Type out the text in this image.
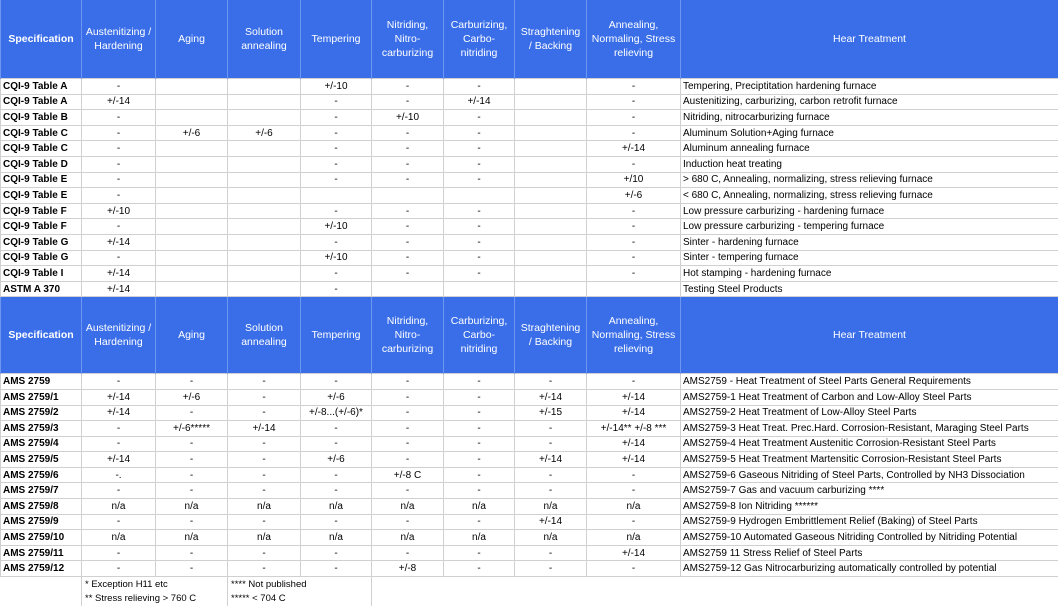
Specification	Austenitizing / Hardening	Aging	Solution annealing	Tempering	Nitriding, Nitro-carburizing	Carburizing, Carbo-nitriding	Straghtening / Backing	Annealing, Normaling, Stress relieving	Hear Treatment
CQI-9 Table A	-			+/-10	-	-		-	Tempering, Preciptitation hardening furnace
CQI-9 Table A	+/-14			-	-	+/-14		-	Austenitizing, carburizing, carbon retrofit furnace
CQI-9 Table B	-			-	+/-10	-		-	Nitriding, nitrocarburizing furnace
CQI-9 Table C	-	+/-6	+/-6	-	-	-		-	Aluminum Solution+Aging furnace
CQI-9 Table C	-			-	-	-		+/-14	Aluminum annealing furnace
CQI-9 Table D	-			-	-	-		-	Induction heat treating
CQI-9 Table E	-			-	-	-		+/10	> 680 C, Annealing, normalizing, stress relieving furnace
CQI-9 Table E	-							+/-6	< 680 C, Annealing, normalizing, stress relieving furnace
CQI-9 Table F	+/-10			-	-	-		-	Low pressure carburizing - hardening furnace
CQI-9 Table F	-			+/-10	-	-		-	Low pressure carburizing - tempering furnace
CQI-9 Table G	+/-14			-	-	-		-	Sinter - hardening furnace
CQI-9 Table G	-			+/-10	-	-		-	Sinter - tempering furnace
CQI-9 Table I	+/-14			-	-	-		-	Hot stamping - hardening furnace
ASTM A 370	+/-14			-					Testing Steel Products
Specification	Austenitizing / Hardening	Aging	Solution annealing	Tempering	Nitriding, Nitro-carburizing	Carburizing, Carbo-nitriding	Straghtening / Backing	Annealing, Normaling, Stress relieving	Hear Treatment
AMS 2759	-	-	-	-	-	-	-	-	AMS2759 - Heat Treatment of Steel Parts General Requirements
AMS 2759/1	+/-14	+/-6	-	+/-6	-	-	+/-14	+/-14	AMS2759-1 Heat Treatment of Carbon and Low-Alloy Steel Parts
AMS 2759/2	+/-14	-	-	+/-8...(+/-6)*	-	-	+/-15	+/-14	AMS2759-2 Heat Treatment of Low-Alloy Steel Parts
AMS 2759/3	-	+/-6*****	+/-14	-	-	-	-	+/-14** +/-8 ***	AMS2759-3 Heat Treat. Prec.Hard. Corrosion-Resistant, Maraging Steel Parts
AMS 2759/4	-	-	-	-	-	-	-	+/-14	AMS2759-4 Heat Treatment Austenitic Corrosion-Resistant Steel Parts
AMS 2759/5	+/-14	-	-	+/-6	-	-	+/-14	+/-14	AMS2759-5 Heat Treatment Martensitic Corrosion-Resistant Steel Parts
AMS 2759/6	-.	-	-	-	+/-8 C	-	-	-	AMS2759-6 Gaseous Nitriding of Steel Parts, Controlled by NH3 Dissociation
AMS 2759/7	-	-	-	-	-	-	-	-	AMS2759-7 Gas and vacuum carburizing ****
AMS 2759/8	n/a	n/a	n/a	n/a	n/a	n/a	n/a	n/a	AMS2759-8 Ion Nitriding ******
AMS 2759/9	-	-	-	-	-	-	+/-14	-	AMS2759-9 Hydrogen Embrittlement Relief (Baking) of Steel Parts
AMS 2759/10	n/a	n/a	n/a	n/a	n/a	n/a	n/a	n/a	AMS2759-10 Automated Gaseous Nitriding Controlled by Nitriding Potential
AMS 2759/11	-	-	-	-	-	-	-	+/-14	AMS2759 11 Stress Relief of Steel Parts
AMS 2759/12	-	-	-	-	+/-8	-	-	-	AMS2759-12 Gas Nitrocarburizing automatically controlled by potential
	* Exception H11 etc		**** Not published						
	** Stress relieving > 760 C		***** < 704 C						
